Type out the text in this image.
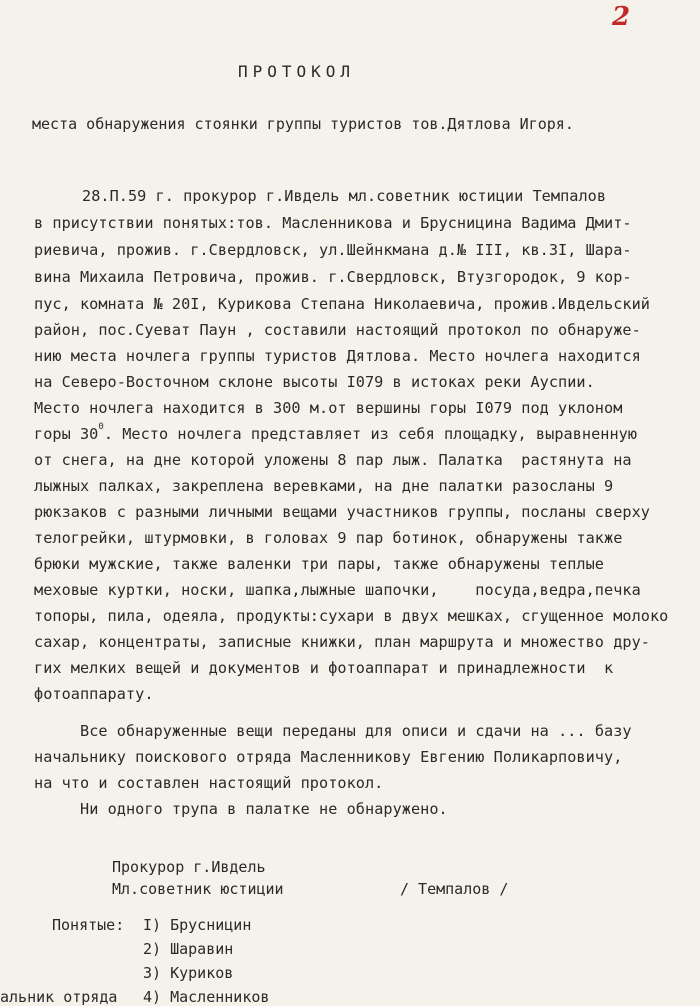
2
ПРОТОКОЛ
места обнаружения стоянки группы туристов тов.Дятлова Игоря.
28.П.59 г. прокурор г.Ивдель мл.советник юстиции Темпалов
в присутствии понятых:тов. Масленникова и Брусницина Вадима Дмит-
риевича, прожив. г.Свердловск, ул.Шейнкмана д.№ III, кв.3I, Шара-
вина Михаила Петровича, прожив. г.Свердловск, Втузгородок, 9 кор-
пус, комната № 20I, Курикова Степана Николаевича, прожив.Ивдельский
район, пос.Суеват Паун , составили настоящий протокол по обнаруже-
нию места ночлега группы туристов Дятлова. Место ночлега находится
на Северо-Восточном склоне высоты I079 в истоках реки Ауспии.
Место ночлега находится в 300 м.от вершины горы I079 под уклоном
горы $30^0$. Место ночлега представляет из себя площадку, выравненную
от снега, на дне которой уложены 8 пар лыж. Палатка  растянута на
лыжных палках, закреплена веревками, на дне палатки разосланы 9
рюкзаков с разными личными вещами участников группы, посланы сверху
телогрейки, штурмовки, в головах 9 пар ботинок, обнаружены также
брюки мужские, также валенки три пары, также обнаружены теплые
меховые куртки, носки, шапка,лыжные шапочки,    посуда,ведра,печка
топоры, пила, одеяла, продукты:сухари в двух мешках, сгущенное молоко
сахар, концентраты, записные книжки, план маршрута и множество дру-
гих мелких вещей и документов и фотоаппарат и принадлежности  к
фотоаппарату.
Все обнаруженные вещи переданы для описи и сдачи на ... базу
начальнику поискового отряда Масленникову Евгению Поликарповичу,
на что и составлен настоящий протокол.
Ни одного трупа в палатке не обнаружено.
Прокурор г.Ивдель
Мл.советник юстиции	/ Темпалов /
Понятые: I) Брусницин
2) Шаравин
3) Куриков
альник отряда 4) Масленников
